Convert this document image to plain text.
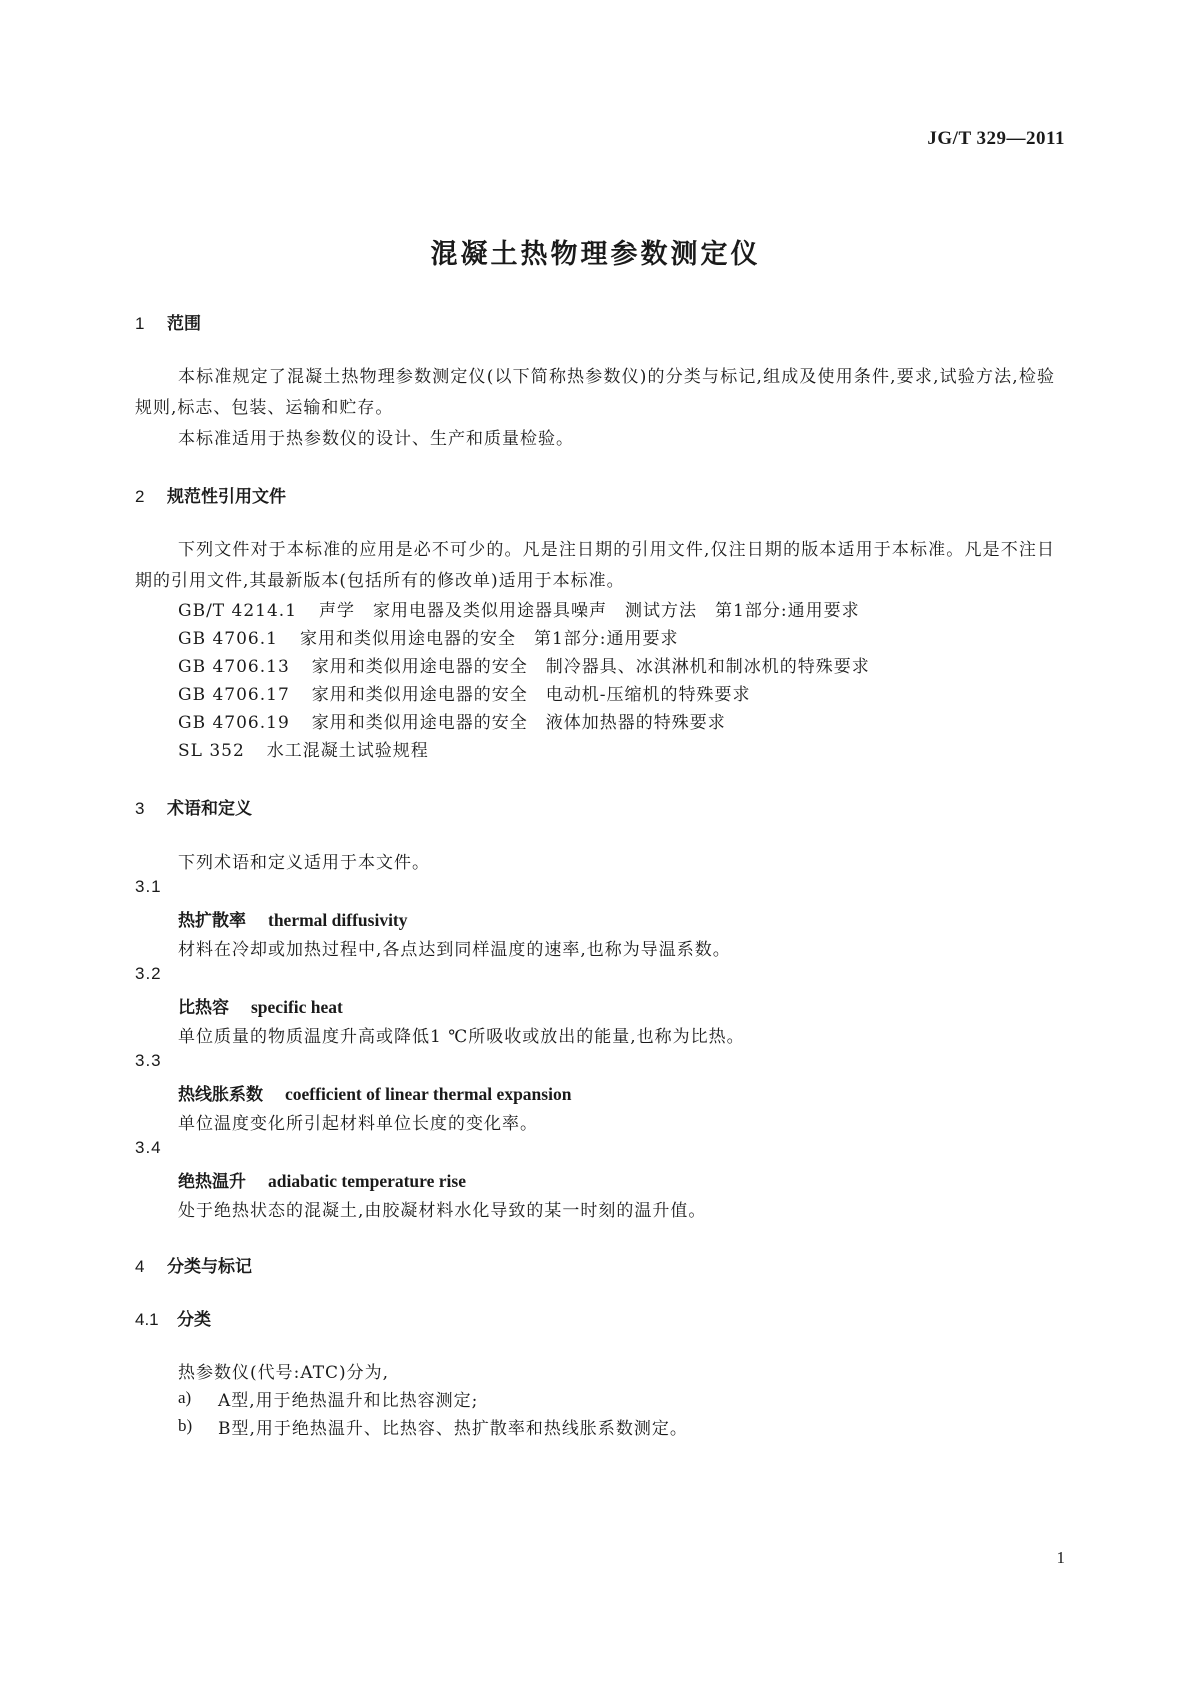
JG/T 329—2011
混凝土热物理参数测定仪
1 范围
本标准规定了混凝土热物理参数测定仪(以下简称热参数仪)的分类与标记,组成及使用条件,要求,试验方法,检验规则,标志、包装、运输和贮存。
本标准适用于热参数仪的设计、生产和质量检验。
2 规范性引用文件
下列文件对于本标准的应用是必不可少的。凡是注日期的引用文件,仅注日期的版本适用于本标准。凡是不注日期的引用文件,其最新版本(包括所有的修改单)适用于本标准。
GB/T 4214.1 声学　家用电器及类似用途器具噪声　测试方法　第1部分:通用要求
GB 4706.1 家用和类似用途电器的安全　第1部分:通用要求
GB 4706.13 家用和类似用途电器的安全　制冷器具、冰淇淋机和制冰机的特殊要求
GB 4706.17 家用和类似用途电器的安全　电动机-压缩机的特殊要求
GB 4706.19 家用和类似用途电器的安全　液体加热器的特殊要求
SL 352 水工混凝土试验规程
3 术语和定义
下列术语和定义适用于本文件。
3.1
热扩散率 thermal diffusivity
材料在冷却或加热过程中,各点达到同样温度的速率,也称为导温系数。
3.2
比热容 specific heat
单位质量的物质温度升高或降低1 ℃所吸收或放出的能量,也称为比热。
3.3
热线胀系数 coefficient of linear thermal expansion
单位温度变化所引起材料单位长度的变化率。
3.4
绝热温升 adiabatic temperature rise
处于绝热状态的混凝土,由胶凝材料水化导致的某一时刻的温升值。
4 分类与标记
4.1 分类
热参数仪(代号:ATC)分为,
a) A型,用于绝热温升和比热容测定;
b) B型,用于绝热温升、比热容、热扩散率和热线胀系数测定。
1
